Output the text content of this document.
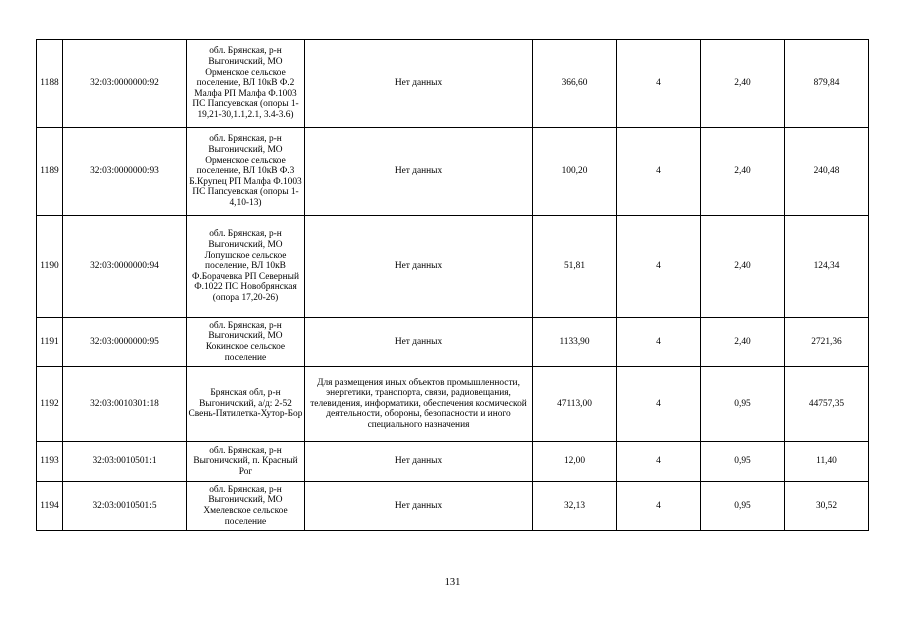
1188	32:03:0000000:92	обл. Брянская, р-н Выгоничский, МО Орменское сельское поселение, ВЛ 10кВ Ф.2 Малфа РП Малфа Ф.1003 ПС Папсуевская (опоры 1-19,21-30,1.1,2.1, 3.4-3.6)	Нет данных	366,60	4	2,40	879,84
1189	32:03:0000000:93	обл. Брянская, р-н Выгоничский, МО Орменское сельское поселение, ВЛ 10кВ Ф.3 Б.Крупец РП Малфа Ф.1003 ПС Папсуевская (опоры 1-4,10-13)	Нет данных	100,20	4	2,40	240,48
1190	32:03:0000000:94	обл. Брянская, р-н Выгоничский, МО Лопушское сельское поселение, ВЛ 10кВ Ф.Борачевка РП Северный Ф.1022 ПС Новобрянская (опора 17,20-26)	Нет данных	51,81	4	2,40	124,34
1191	32:03:0000000:95	обл. Брянская, р-н Выгоничский, МО Кокинское сельское поселение	Нет данных	1133,90	4	2,40	2721,36
1192	32:03:0010301:18	Брянская обл, р-н Выгоничский, а/д: 2-52 Свень-Пятилетка-Хутор-Бор	Для размещения иных объектов промышленности, энергетики, транспорта, связи, радиовещания, телевидения, информатики, обеспечения космической деятельности, обороны, безопасности и иного специального назначения	47113,00	4	0,95	44757,35
1193	32:03:0010501:1	обл. Брянская, р-н Выгоничский, п. Красный Рог	Нет данных	12,00	4	0,95	11,40
1194	32:03:0010501:5	обл. Брянская, р-н Выгоничский, МО Хмелевское сельское поселение	Нет данных	32,13	4	0,95	30,52
131
